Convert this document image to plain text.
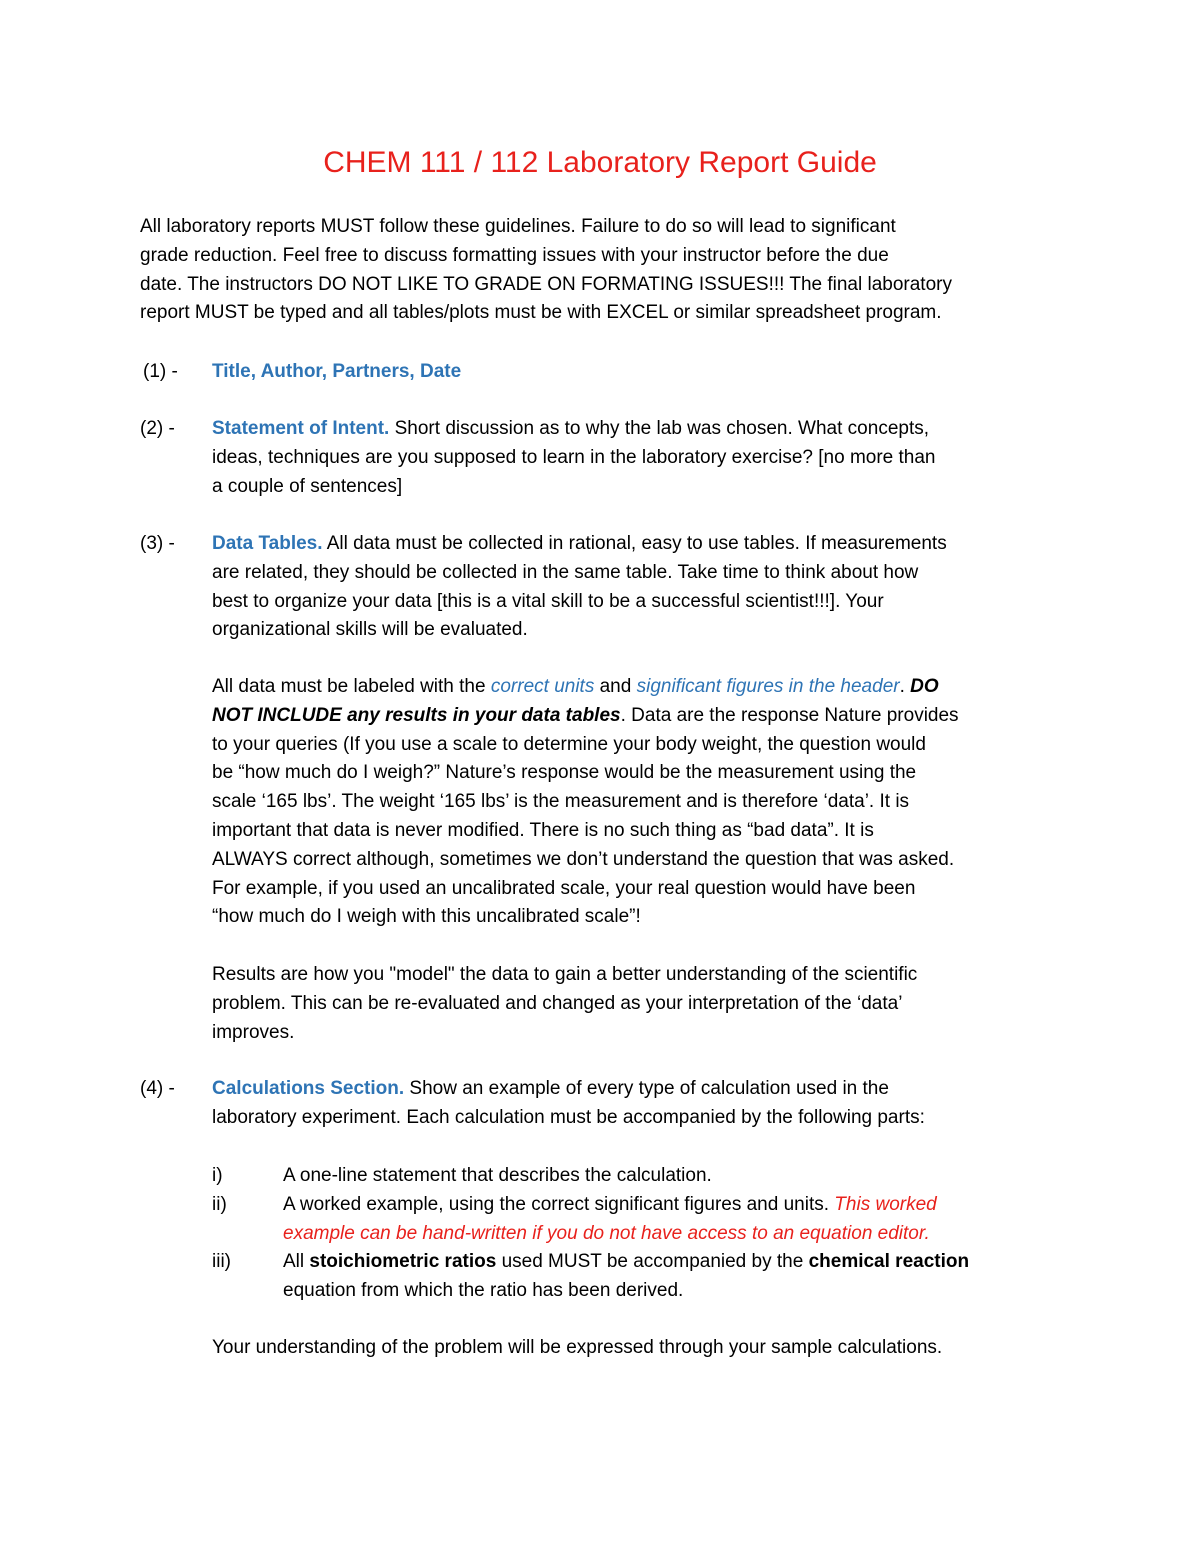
CHEM 111 / 112 Laboratory Report Guide
All laboratory reports MUST follow these guidelines. Failure to do so will lead to significant
grade reduction. Feel free to discuss formatting issues with your instructor before the due
date. The instructors DO NOT LIKE TO GRADE ON FORMATING ISSUES!!! The final laboratory
report MUST be typed and all tables/plots must be with EXCEL or similar spreadsheet program.
(1) - Title, Author, Partners, Date
(2) - Statement of Intent. Short discussion as to why the lab was chosen. What concepts,
ideas, techniques are you supposed to learn in the laboratory exercise? [no more than
a couple of sentences]
(3) - Data Tables. All data must be collected in rational, easy to use tables. If measurements
are related, they should be collected in the same table. Take time to think about how
best to organize your data [this is a vital skill to be a successful scientist!!!]. Your
organizational skills will be evaluated.
All data must be labeled with the correct units and significant figures in the header. DO
NOT INCLUDE any results in your data tables. Data are the response Nature provides
to your queries (If you use a scale to determine your body weight, the question would
be “how much do I weigh?” Nature’s response would be the measurement using the
scale ‘165 lbs’. The weight ‘165 lbs’ is the measurement and is therefore ‘data’. It is
important that data is never modified. There is no such thing as “bad data”. It is
ALWAYS correct although, sometimes we don’t understand the question that was asked.
For example, if you used an uncalibrated scale, your real question would have been
“how much do I weigh with this uncalibrated scale”!
Results are how you "model" the data to gain a better understanding of the scientific
problem. This can be re-evaluated and changed as your interpretation of the ‘data’
improves.
(4) - Calculations Section. Show an example of every type of calculation used in the
laboratory experiment. Each calculation must be accompanied by the following parts:
i)	A one-line statement that describes the calculation.
ii)	A worked example, using the correct significant figures and units. This worked
example can be hand-written if you do not have access to an equation editor.
iii)	All stoichiometric ratios used MUST be accompanied by the chemical reaction
equation from which the ratio has been derived.
Your understanding of the problem will be expressed through your sample calculations.
